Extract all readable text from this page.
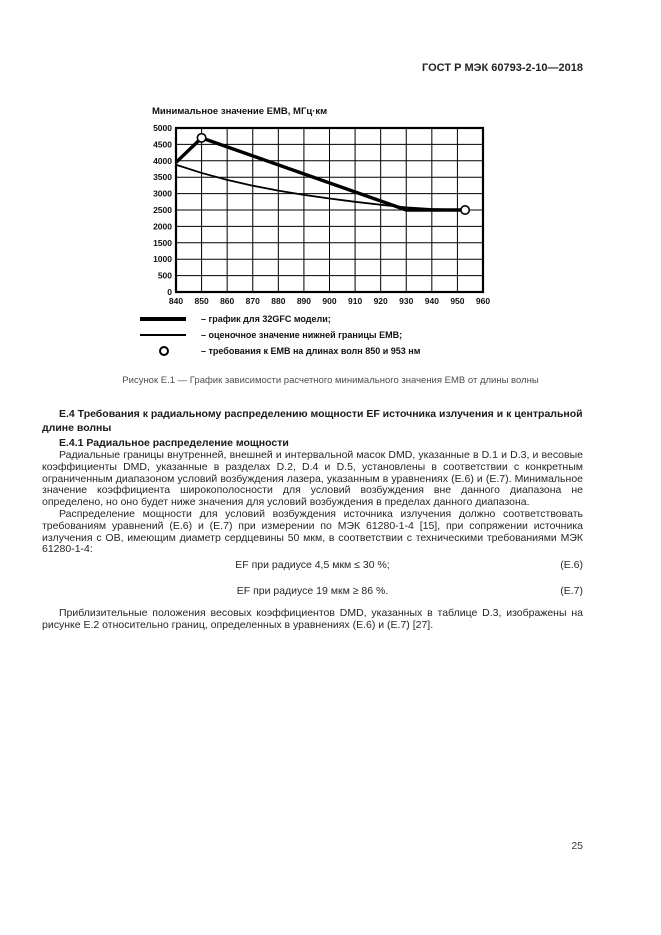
ГОСТ Р МЭК 60793-2-10—2018
840 850 860 870 880 890 900 910 920 930 940 950 960
0
500
1000
1500
2000
2500
3000
3500
4000
4500
5000
Минимальное значение EMB, МГц·км
– график для 32GFC модели;
– оценочное значение нижней границы EMB;
– требования к EMB на длинах волн 850 и 953 нм
Рисунок Е.1 — График зависимости расчетного минимального значения EMB от длины волны
Е.4 Требования к радиальному распределению мощности EF источника излучения и к центральной длине волны
Е.4.1 Радиальное распределение мощности
Радиальные границы внутренней, внешней и интервальной масок DMD, указанные в D.1 и D.3, и весовые коэффициенты DMD, указанные в разделах D.2, D.4 и D.5, установлены в соответствии с конкретным ограниченным диапазоном условий возбуждения лазера, указанным в уравнениях (Е.6) и (Е.7). Минимальное значение коэффициента широкополосности для условий возбуждения вне данного диапазона не определено, но оно будет ниже значения для условий возбуждения в пределах данного диапазона.
Распределение мощности для условий возбуждения источника излучения должно соответствовать требованиям уравнений (Е.6) и (Е.7) при измерении по МЭК 61280-1-4 [15], при сопряжении источника излучения с ОВ, имеющим диаметр сердцевины 50 мкм, в соответствии с техническими требованиями МЭК 61280-1-4:
EF при радиусе 4,5 мкм ≤ 30 %;	(Е.6)
EF при радиусе 19 мкм ≥ 86 %.	(Е.7)
Приблизительные положения весовых коэффициентов DMD, указанных в таблице D.3, изображены на рисунке Е.2 относительно границ, определенных в уравнениях (Е.6) и (Е.7) [27].
25
